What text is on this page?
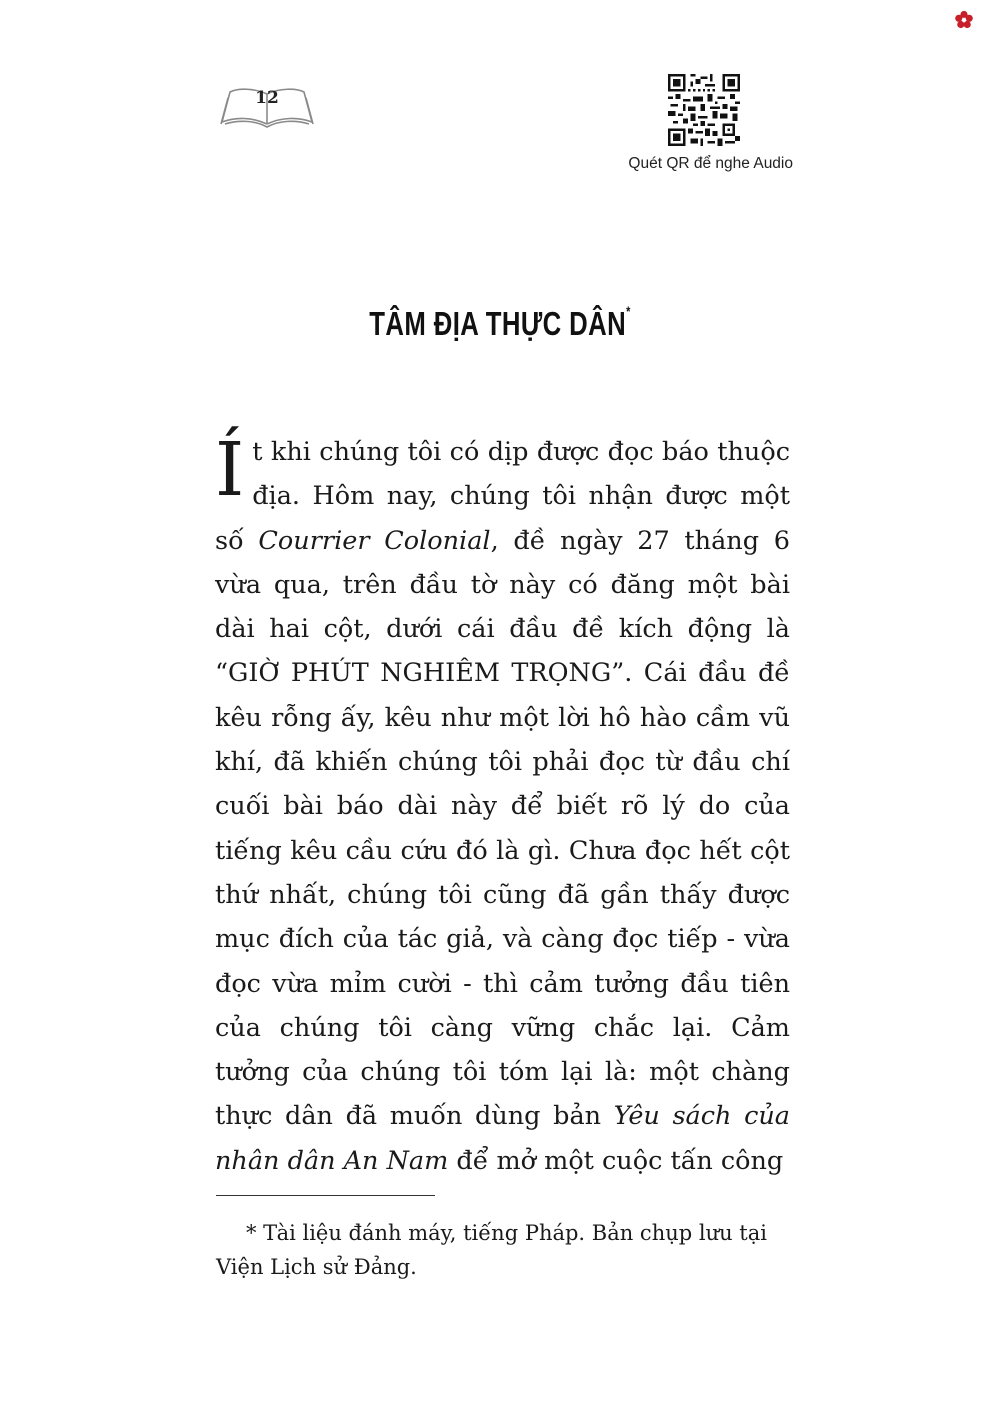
12
Quét QR để nghe Audio
TÂM ĐỊA THỰC DÂN*
Ít khi chúng tôi có dịp được đọc báo thuộc địa. Hôm nay, chúng tôi nhận được một số Courrier Colonial, đề ngày 27 tháng 6 vừa qua, trên đầu tờ này có đăng một bài dài hai cột, dưới cái đầu đề kích động là “GIỜ PHÚT NGHIÊM TRỌNG”. Cái đầu đề kêu rỗng ấy, kêu như một lời hô hào cầm vũ khí, đã khiến chúng tôi phải đọc từ đầu chí cuối bài báo dài này để biết rõ lý do của tiếng kêu cầu cứu đó là gì. Chưa đọc hết cột thứ nhất, chúng tôi cũng đã gần thấy được mục đích của tác giả, và càng đọc tiếp - vừa đọc vừa mỉm cười - thì cảm tưởng đầu tiên của chúng tôi càng vững chắc lại. Cảm tưởng của chúng tôi tóm lại là: một chàng thực dân đã muốn dùng bản Yêu sách của nhân dân An Nam để mở một cuộc tấn công
* Tài liệu đánh máy, tiếng Pháp. Bản chụp lưu tại Viện Lịch sử Đảng.
